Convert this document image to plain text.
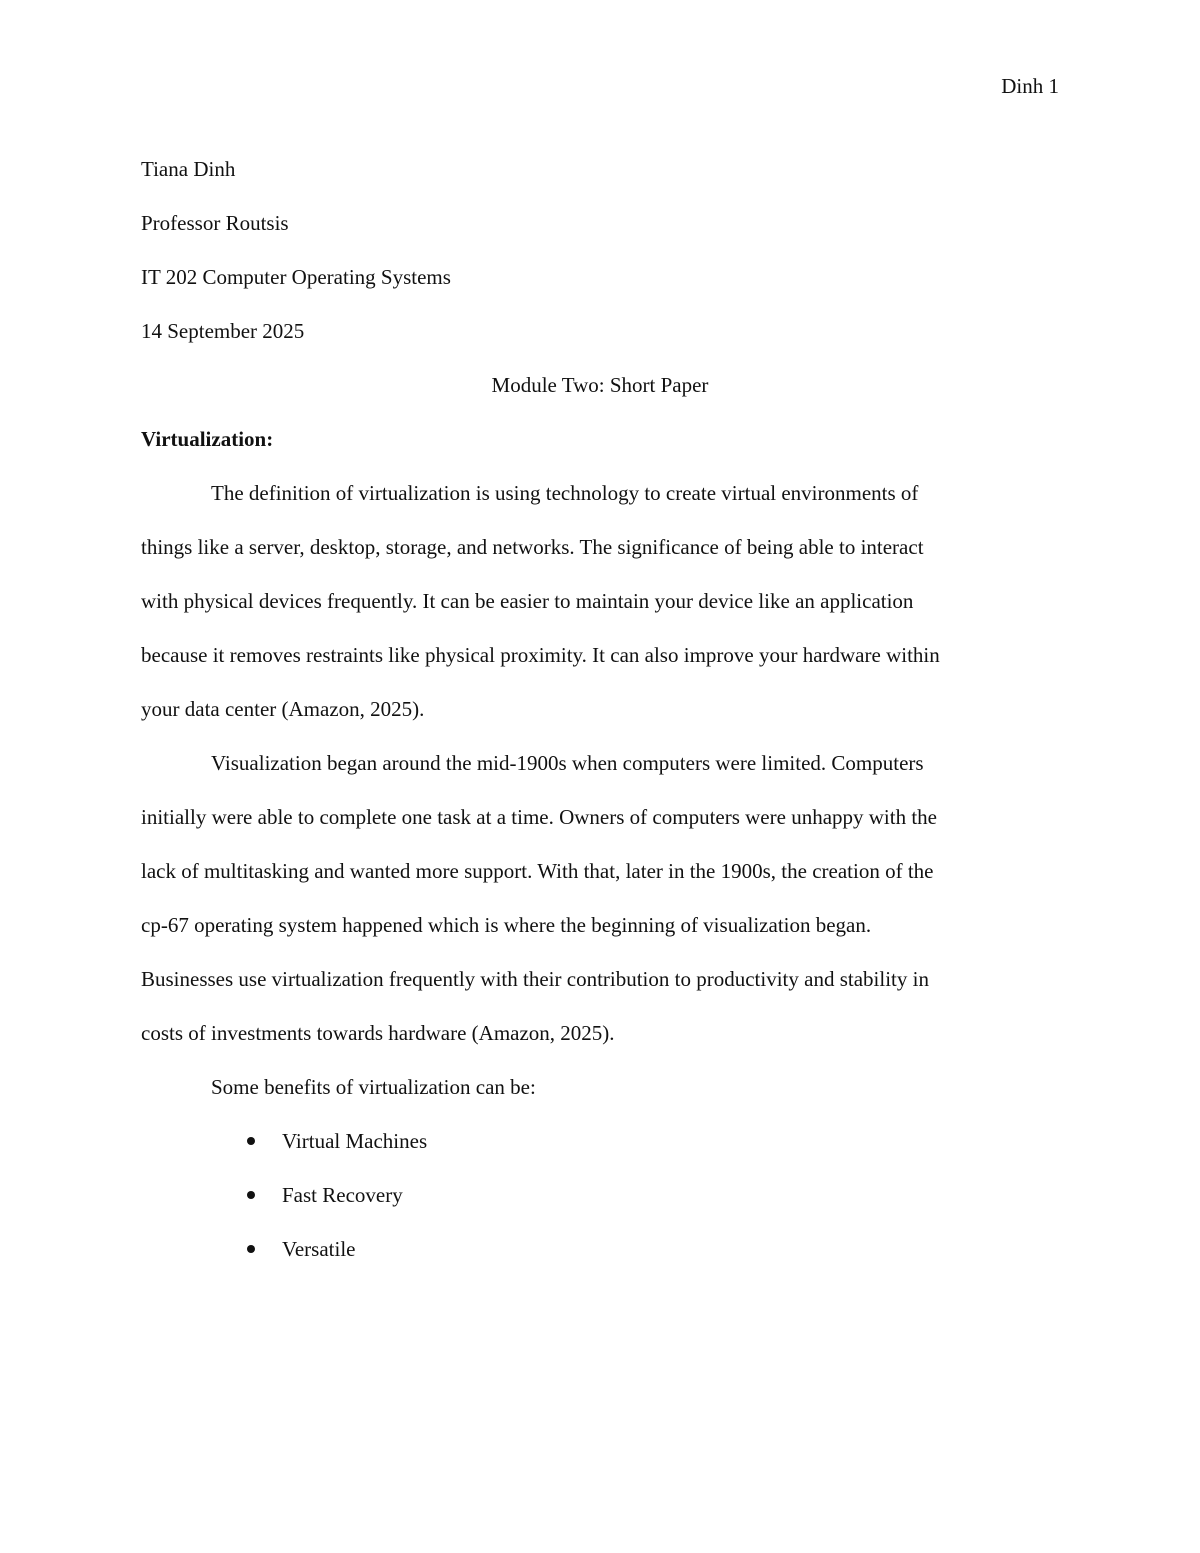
Dinh 1

Tiana Dinh

Professor Routsis

IT 202 Computer Operating Systems

14 September 2025

Module Two: Short Paper

Virtualization:

The definition of virtualization is using technology to create virtual environments of
things like a server, desktop, storage, and networks. The significance of being able to interact
with physical devices frequently. It can be easier to maintain your device like an application
because it removes restraints like physical proximity. It can also improve your hardware within
your data center (Amazon, 2025).

Visualization began around the mid-1900s when computers were limited. Computers
initially were able to complete one task at a time. Owners of computers were unhappy with the
lack of multitasking and wanted more support. With that, later in the 1900s, the creation of the
cp-67 operating system happened which is where the beginning of visualization began.
Businesses use virtualization frequently with their contribution to productivity and stability in
costs of investments towards hardware (Amazon, 2025).

Some benefits of virtualization can be:

Virtual Machines
Fast Recovery
Versatile
